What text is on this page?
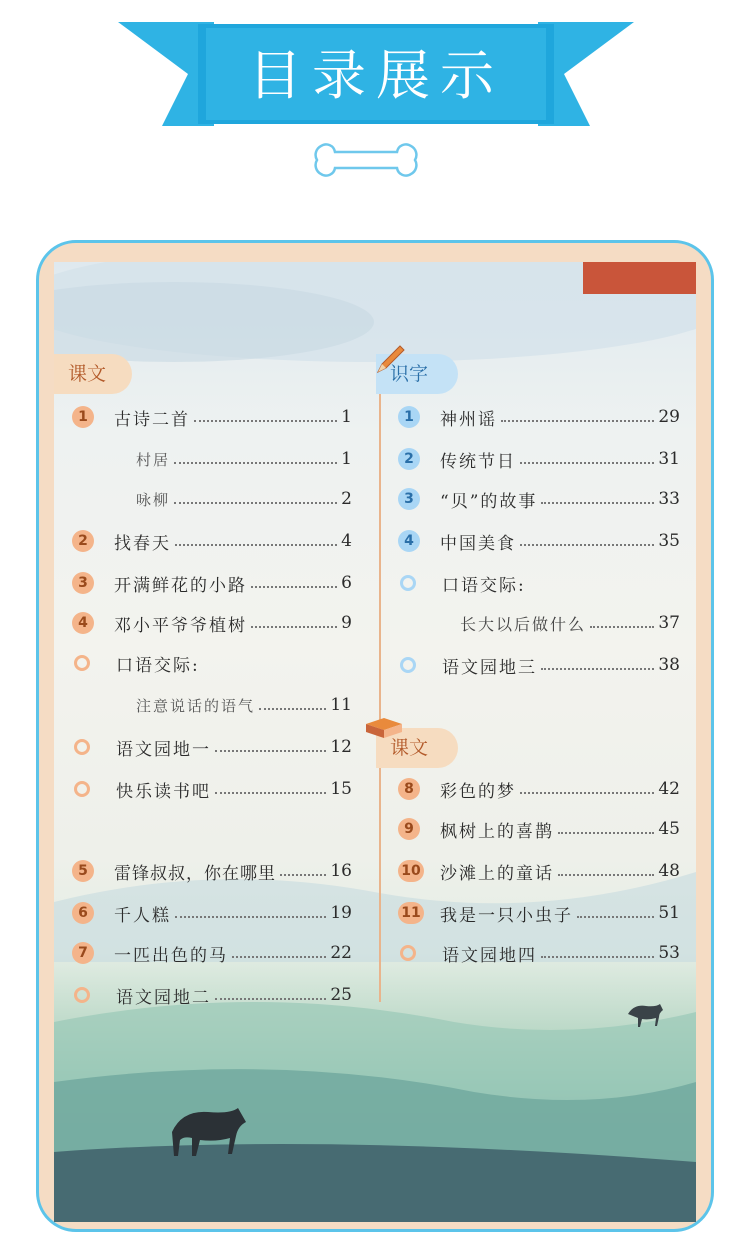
目录展示
课文	识字
课文
1	古诗二首	1
村居	1
咏柳	2
2	找春天	4
3	开满鲜花的小路	6
4	邓小平爷爷植树	9
口语交际:
注意说话的语气	11
语文园地一	12
快乐读书吧	15
5	雷锋叔叔，你在哪里	16
6	千人糕	19
7	一匹出色的马	22
语文园地二	25
1	神州谣	29
2	传统节日	31
3	“贝”的故事	33
4	中国美食	35
口语交际:
长大以后做什么	37
语文园地三	38
8	彩色的梦	42
9	枫树上的喜鹊	45
10 沙滩上的童话	48
11 我是一只小虫子	51
语文园地四	53
